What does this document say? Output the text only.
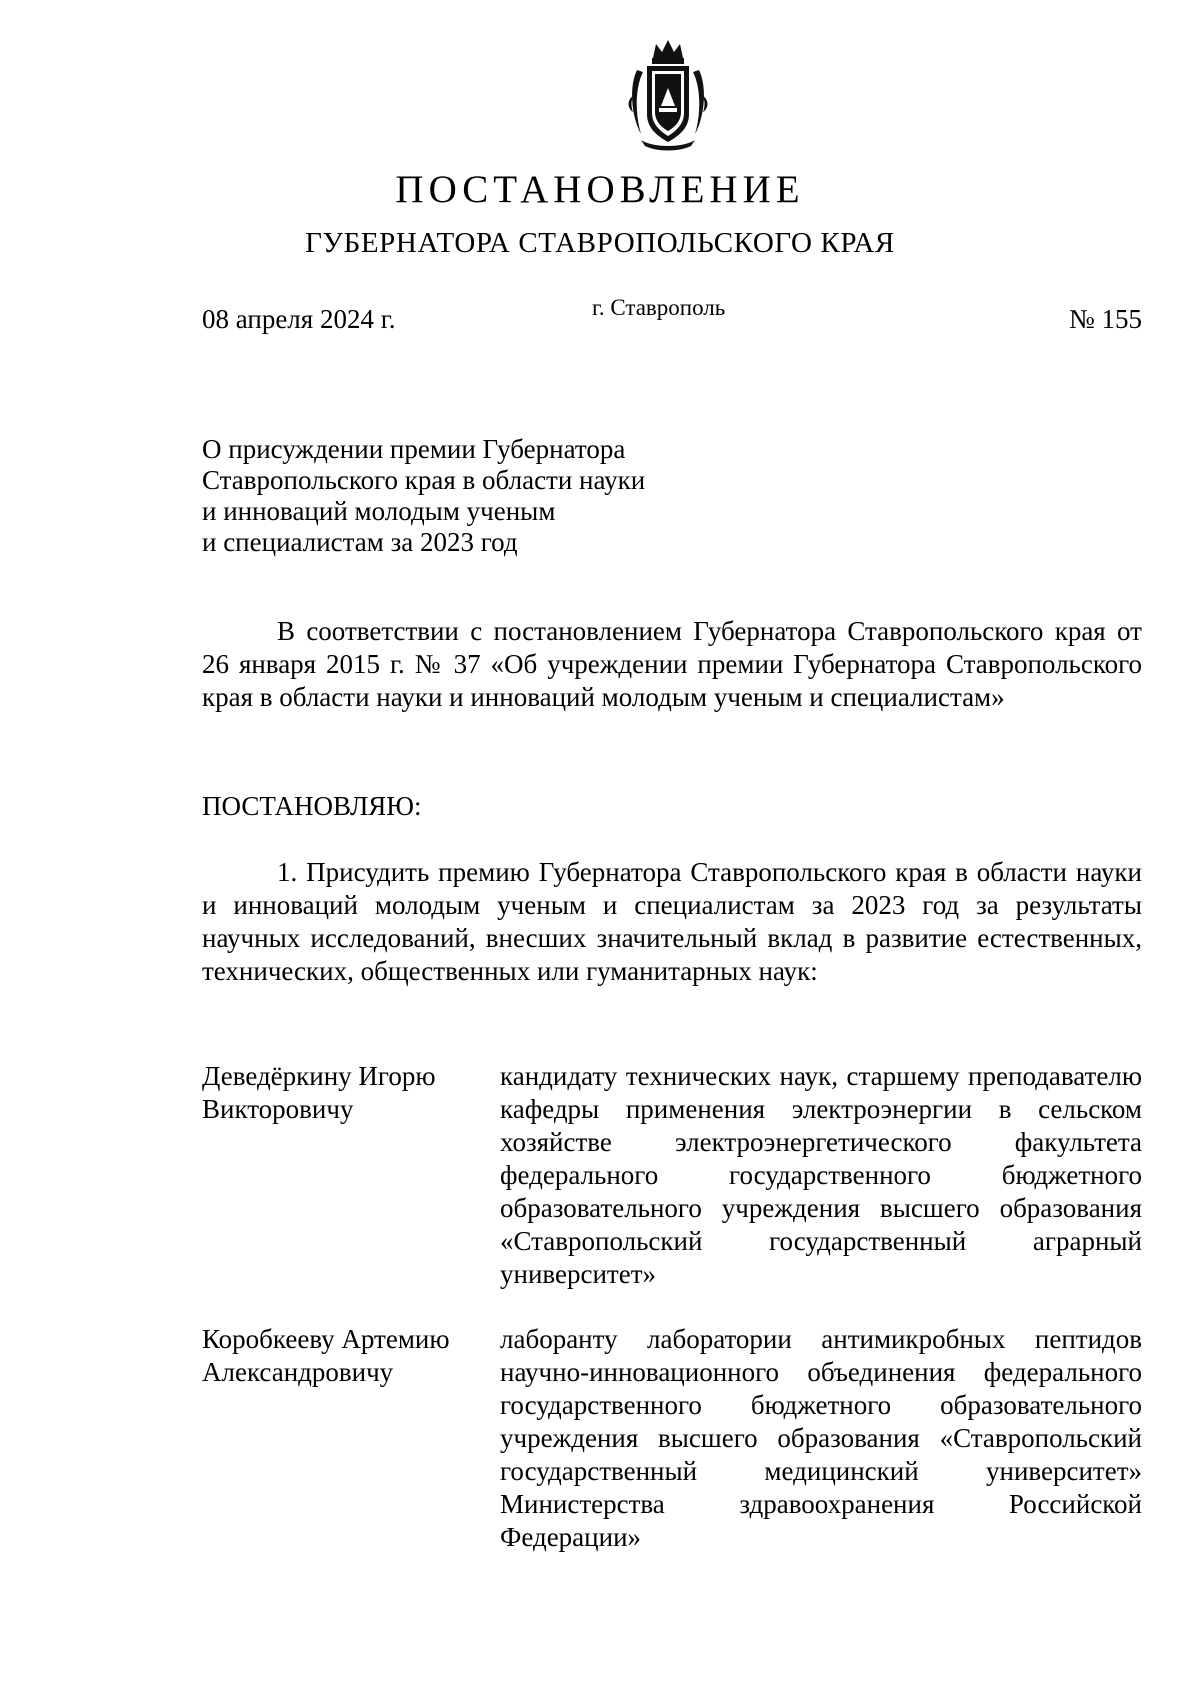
ПОСТАНОВЛЕНИЕ
ГУБЕРНАТОРА СТАВРОПОЛЬСКОГО КРАЯ
08 апреля 2024 г.	г. Ставрополь	№ 155
О присуждении премии Губернатора
Ставропольского края в области науки
и инноваций молодым ученым
и специалистам за 2023 год
В соответствии с постановлением Губернатора Ставропольского края от 26 января 2015 г. № 37 «Об учреждении премии Губернатора Ставропольского края в области науки и инноваций молодым ученым и специалистам»
ПОСТАНОВЛЯЮ:
1. Присудить премию Губернатора Ставропольского края в области науки и инноваций молодым ученым и специалистам за 2023 год за результаты научных исследований, внесших значительный вклад в развитие естественных, технических, общественных или гуманитарных наук:
Деведёркину Игорю Викторовичу
кандидату технических наук, старшему преподавателю кафедры применения электроэнергии в сельском хозяйстве электроэнергетического факультета федерального государственного бюджетного образовательного учреждения высшего образования «Ставропольский государственный аграрный университет»
Коробкееву Артемию Александровичу
лаборанту лаборатории антимикробных пептидов научно-инновационного объединения федерального государственного бюджетного образовательного учреждения высшего образования «Ставропольский государственный медицинский университет» Министерства здравоохранения Российской Федерации»
